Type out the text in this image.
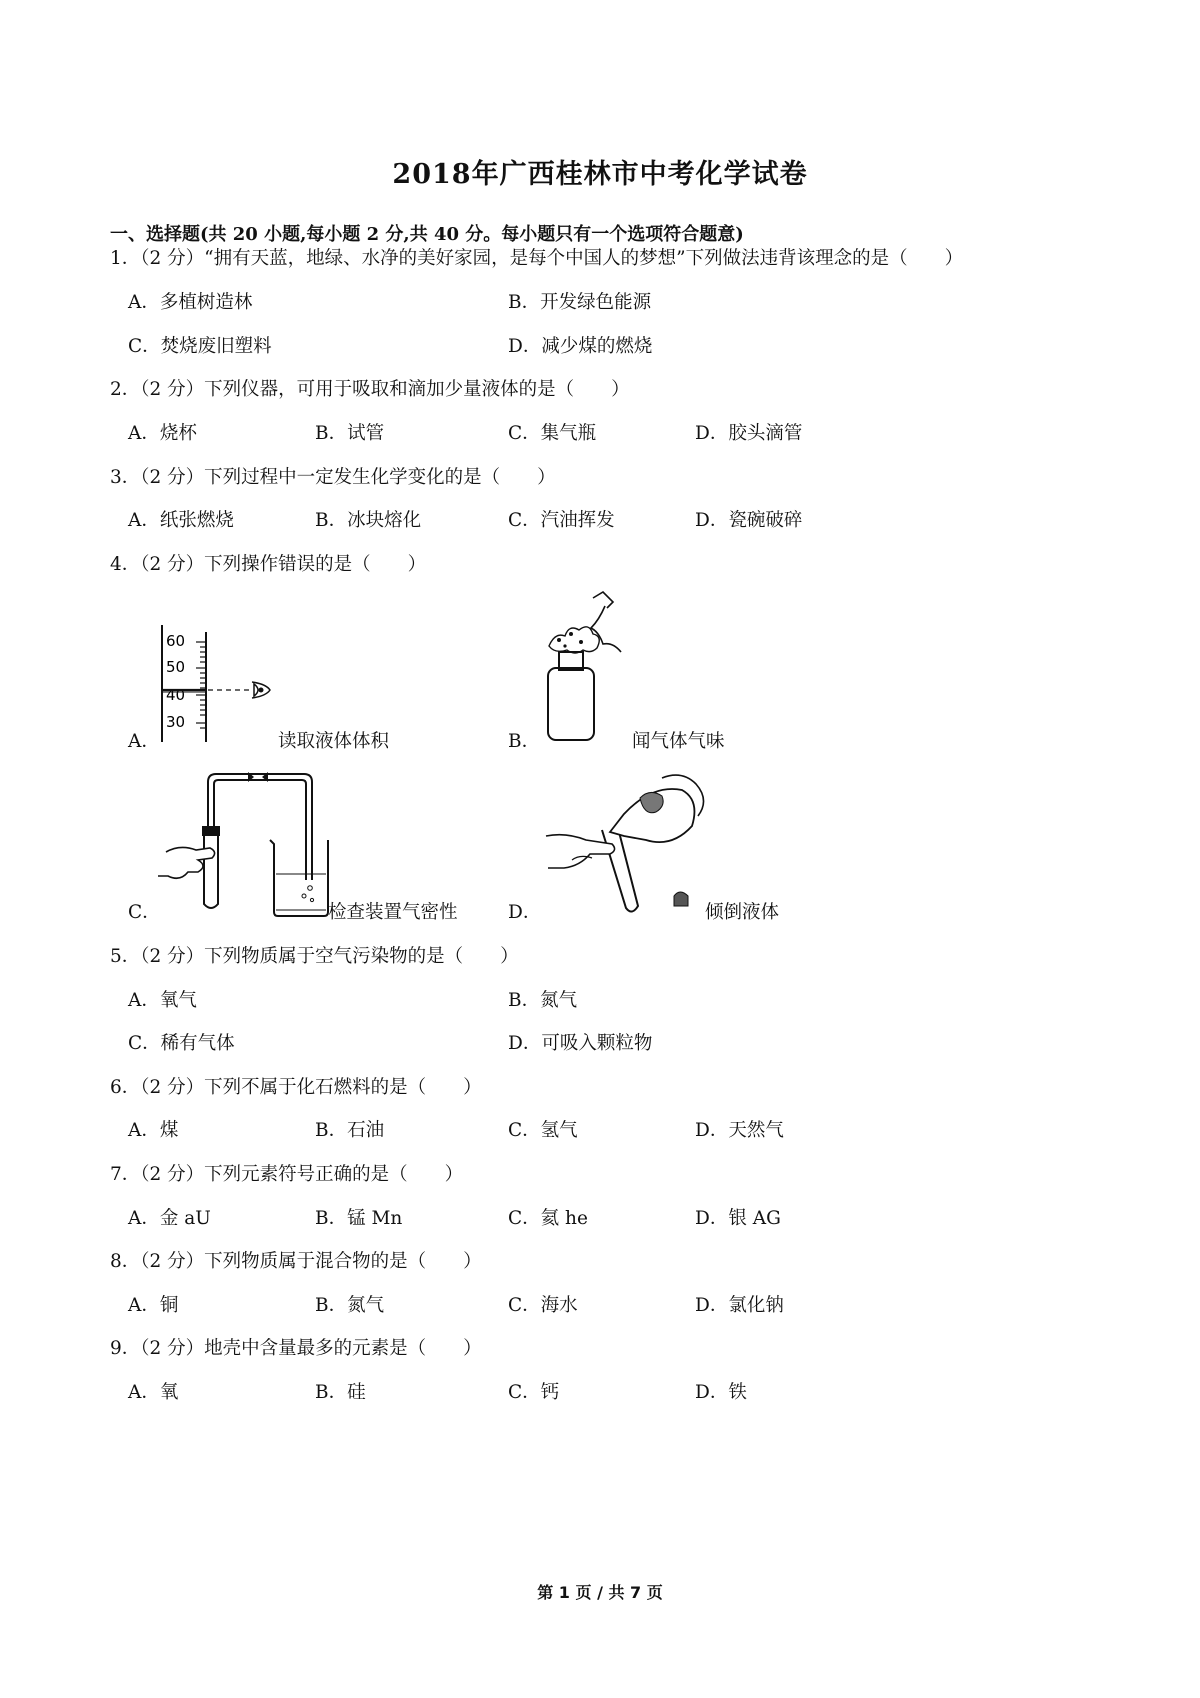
2018年广西桂林市中考化学试卷
一、选择题(共 20 小题,每小题 2 分,共 40 分。每小题只有一个选项符合题意)
1．（2 分）“拥有天蓝，地绿、水净的美好家园，是每个中国人的梦想”下列做法违背该理念的是（　　）
A．多植树造林	B．开发绿色能源
C．焚烧废旧塑料	D．减少煤的燃烧
2．（2 分）下列仪器，可用于吸取和滴加少量液体的是（　　）
A．烧杯	B．试管	C．集气瓶	D．胶头滴管
3．（2 分）下列过程中一定发生化学变化的是（　　）
A．纸张燃烧	B．冰块熔化	C．汽油挥发	D．瓷碗破碎
4．（2 分）下列操作错误的是（　　）
A．
60
50
40
30
读取液体体积	B．	闻气体气味
C．	检查装置气密性	D．	倾倒液体
5．（2 分）下列物质属于空气污染物的是（　　）
A．氧气	B．氮气
C．稀有气体	D．可吸入颗粒物
6．（2 分）下列不属于化石燃料的是（　　）
A．煤	B．石油	C．氢气	D．天然气
7．（2 分）下列元素符号正确的是（　　）
A．金 aU	B．锰 Mn	C．氦 he	D．银 AG
8．（2 分）下列物质属于混合物的是（　　）
A．铜	B．氮气	C．海水	D．氯化钠
9．（2 分）地壳中含量最多的元素是（　　）
A．氧	B．硅	C．钙	D．铁
第 1 页 / 共 7 页
